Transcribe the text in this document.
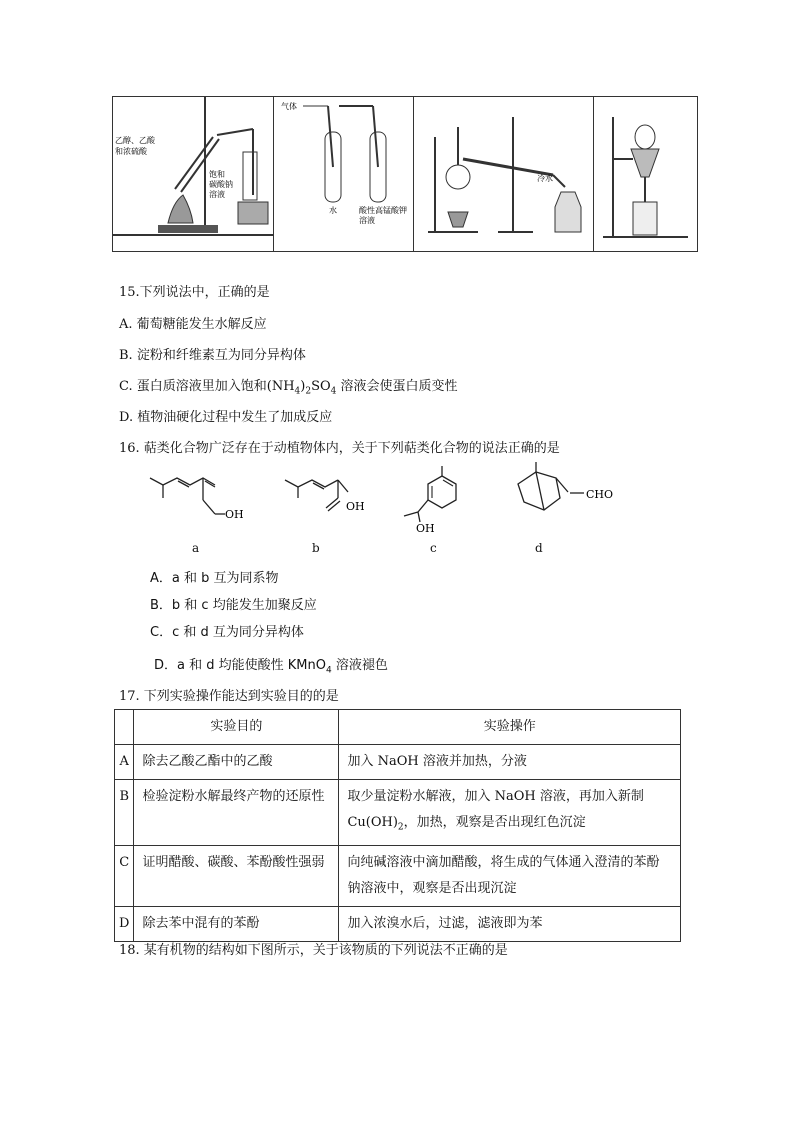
乙醇、乙酸
和浓硫酸
饱和
碳酸钠
溶液
气体
水	酸性高锰酸钾
溶液
冷水
15.下列说法中，正确的是
A. 葡萄糖能发生水解反应
B. 淀粉和纤维素互为同分异构体
C. 蛋白质溶液里加入饱和$(NH_4)_2SO_4$ 溶液会使蛋白质变性
D. 植物油硬化过程中发生了加成反应
16. 萜类化合物广泛存在于动植物体内，关于下列萜类化合物的说法正确的是
OH
a
OH
b
OH
c
CHO
d
A．a 和 b 互为同系物
B．b 和 c 均能发生加聚反应
C．c 和 d 互为同分异构体
D．a 和 d 均能使酸性 KMnO$_4$ 溶液褪色
17. 下列实验操作能达到实验目的的是
	实验目的	实验操作
A	除去乙酸乙酯中的乙酸	加入 NaOH 溶液并加热，分液
B	检验淀粉水解最终产物的还原性	取少量淀粉水解液，加入 NaOH 溶液，再加入新制 $Cu(OH)_2$，加热，观察是否出现红色沉淀
C	证明醋酸、碳酸、苯酚酸性强弱	向纯碱溶液中滴加醋酸，将生成的气体通入澄清的苯酚钠溶液中，观察是否出现沉淀
D	除去苯中混有的苯酚	加入浓溴水后，过滤，滤液即为苯
18. 某有机物的结构如下图所示，关于该物质的下列说法不正确的是
